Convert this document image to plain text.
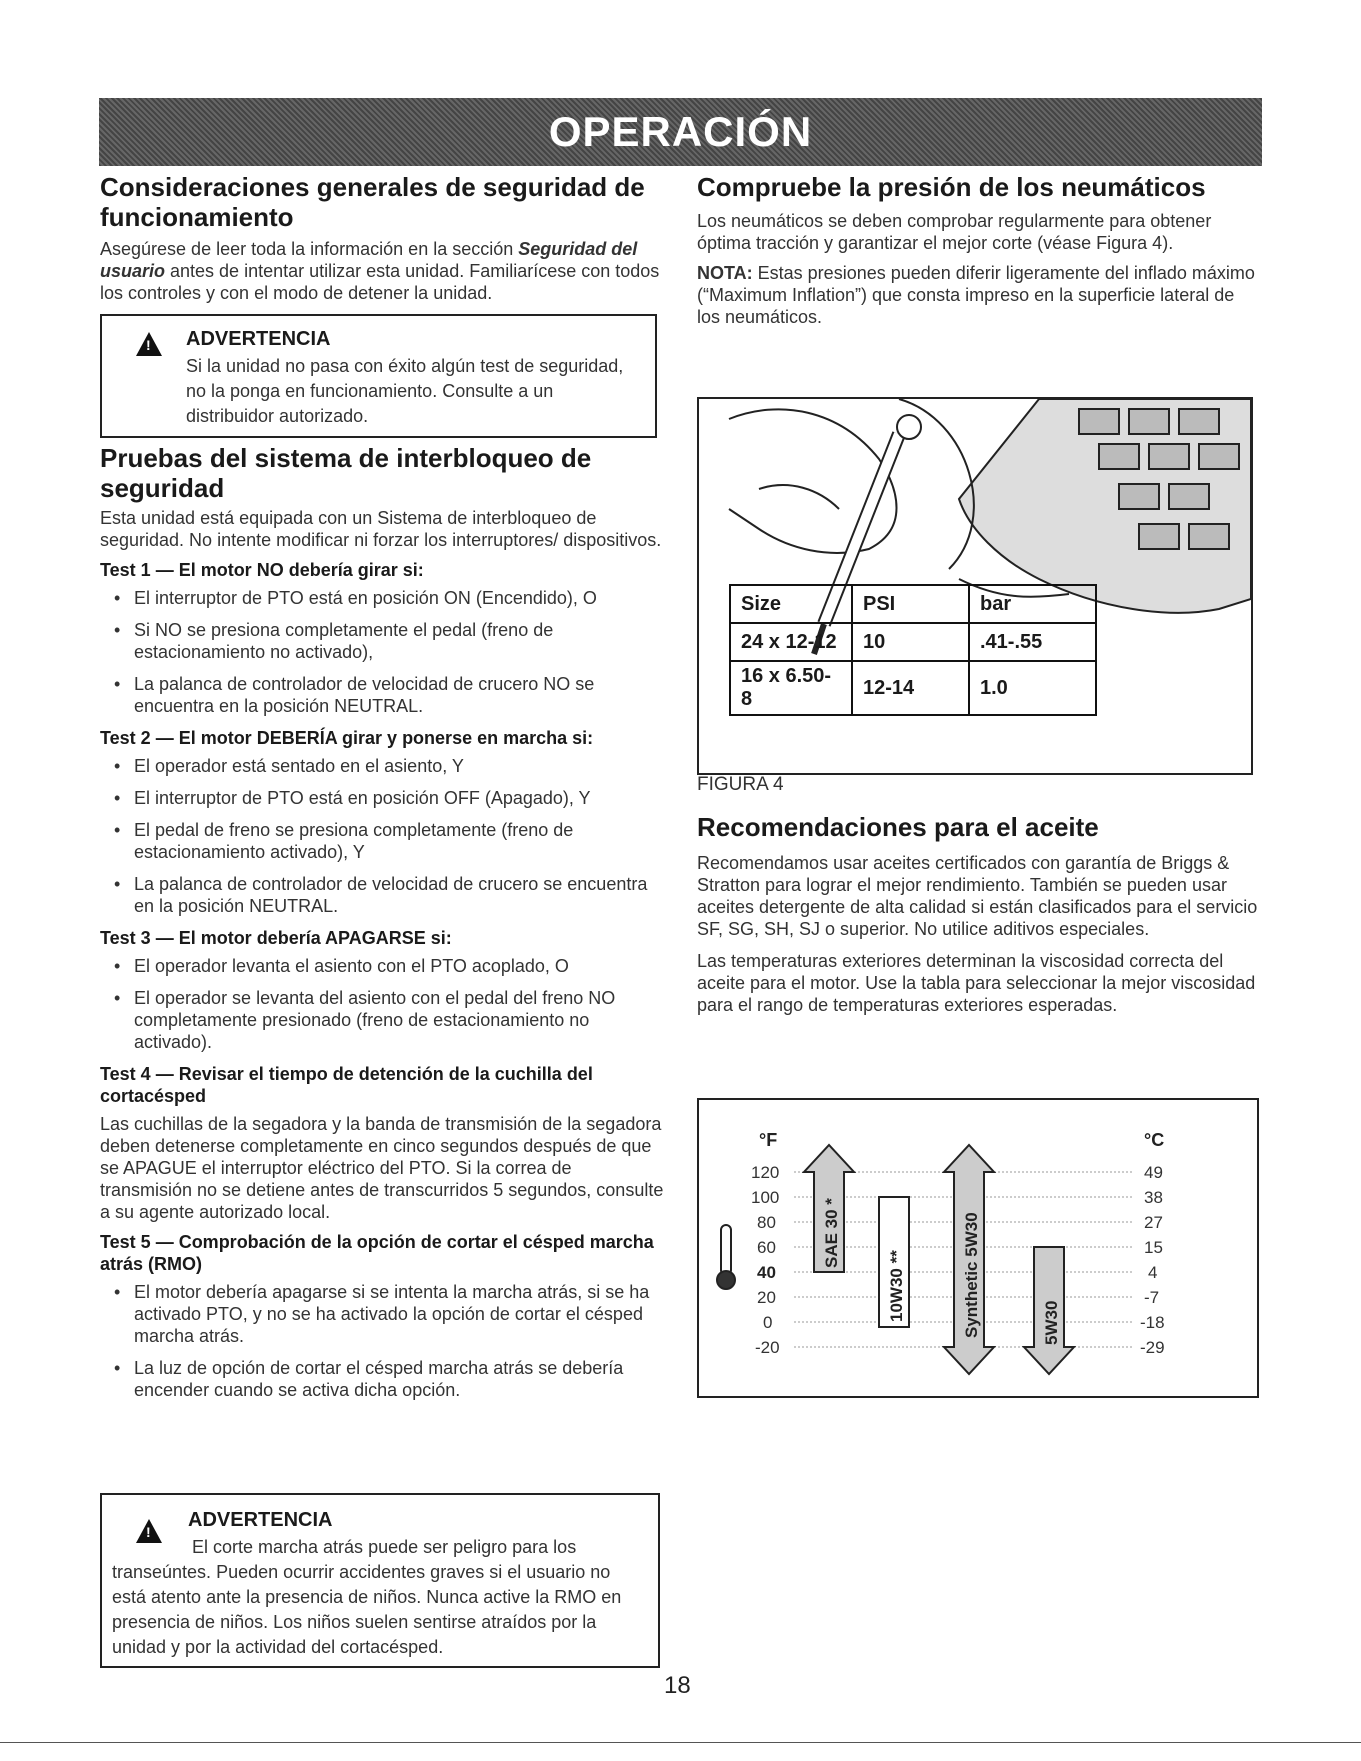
OPERACIÓN
Consideraciones generales de seguridad de funcionamiento

Asegúrese de leer toda la información en la sección Seguridad del usuario antes de intentar utilizar esta unidad. Familiarícese con todos los controles y con el modo de detener la unidad.

!
ADVERTENCIA
Si la unidad no pasa con éxito algún test de seguridad, no la ponga en funcionamiento. Consulte a un distribuidor autorizado.
Pruebas del sistema de interbloqueo de seguridad

Esta unidad está equipada con un Sistema de interbloqueo de seguridad. No intente modificar ni forzar los interruptores/ dispositivos.

Test 1 — El motor NO debería girar si:
• El interruptor de PTO está en posición ON (Encendido), O
• Si NO se presiona completamente el pedal (freno de estacionamiento no activado),
• La palanca de controlador de velocidad de crucero NO se encuentra en la posición NEUTRAL.
Test 2 — El motor DEBERÍA girar y ponerse en marcha si:
• El operador está sentado en el asiento, Y
• El interruptor de PTO está en posición OFF (Apagado), Y
• El pedal de freno se presiona completamente (freno de estacionamiento activado), Y
• La palanca de controlador de velocidad de crucero se encuentra en la posición NEUTRAL.
Test 3 — El motor debería APAGARSE si:
• El operador levanta el asiento con el PTO acoplado, O
• El operador se levanta del asiento con el pedal del freno NO completamente presionado (freno de estacionamiento no activado).
Test 4 — Revisar el tiempo de detención de la cuchilla del cortacésped

Las cuchillas de la segadora y la banda de transmisión de la segadora deben detenerse completamente en cinco segundos después de que se APAGUE el interruptor eléctrico del PTO. Si la correa de transmisión no se detiene antes de transcurridos 5 segundos, consulte a su agente autorizado local.

Test 5 — Comprobación de la opción de cortar el césped marcha atrás (RMO)
• El motor debería apagarse si se intenta la marcha atrás, si se ha activado PTO, y no se ha activado la opción de cortar el césped marcha atrás.
• La luz de opción de cortar el césped marcha atrás se debería encender cuando se activa dicha opción.
!
ADVERTENCIA
El corte marcha atrás puede ser peligro para los transeúntes. Pueden ocurrir accidentes graves si el usuario no está atento ante la presencia de niños. Nunca active la RMO en presencia de niños. Los niños suelen sentirse atraídos por la unidad y por la actividad del cortacésped.
Compruebe la presión de los neumáticos

Los neumáticos se deben comprobar regularmente para obtener óptima tracción y garantizar el mejor corte (véase Figura 4).

NOTA: Estas presiones pueden diferir ligeramente del inflado máximo (“Maximum Inflation”) que consta impreso en la superficie lateral de los neumáticos.

Size	PSI	bar
24 x 12-12	10	.41-.55
16 x 6.50-8	12-14	1.0
FIGURA 4
Recomendaciones para el aceite

Recomendamos usar aceites certificados con garantía de Briggs & Stratton para lograr el mejor rendimiento. También se pueden usar aceites detergente de alta calidad si están clasificados para el servicio SF, SG, SH, SJ o superior. No utilice aditivos especiales.

Las temperaturas exteriores determinan la viscosidad correcta del aceite para el motor. Use la tabla para seleccionar la mejor viscosidad para el rango de temperaturas exteriores esperadas.

°F	°C
120
100
80
60
40
20
0
-20
49
38
27
15
4
-7
-18
-29
SAE 30 *
10W30 **	Synthetic 5W30	5W30
18
